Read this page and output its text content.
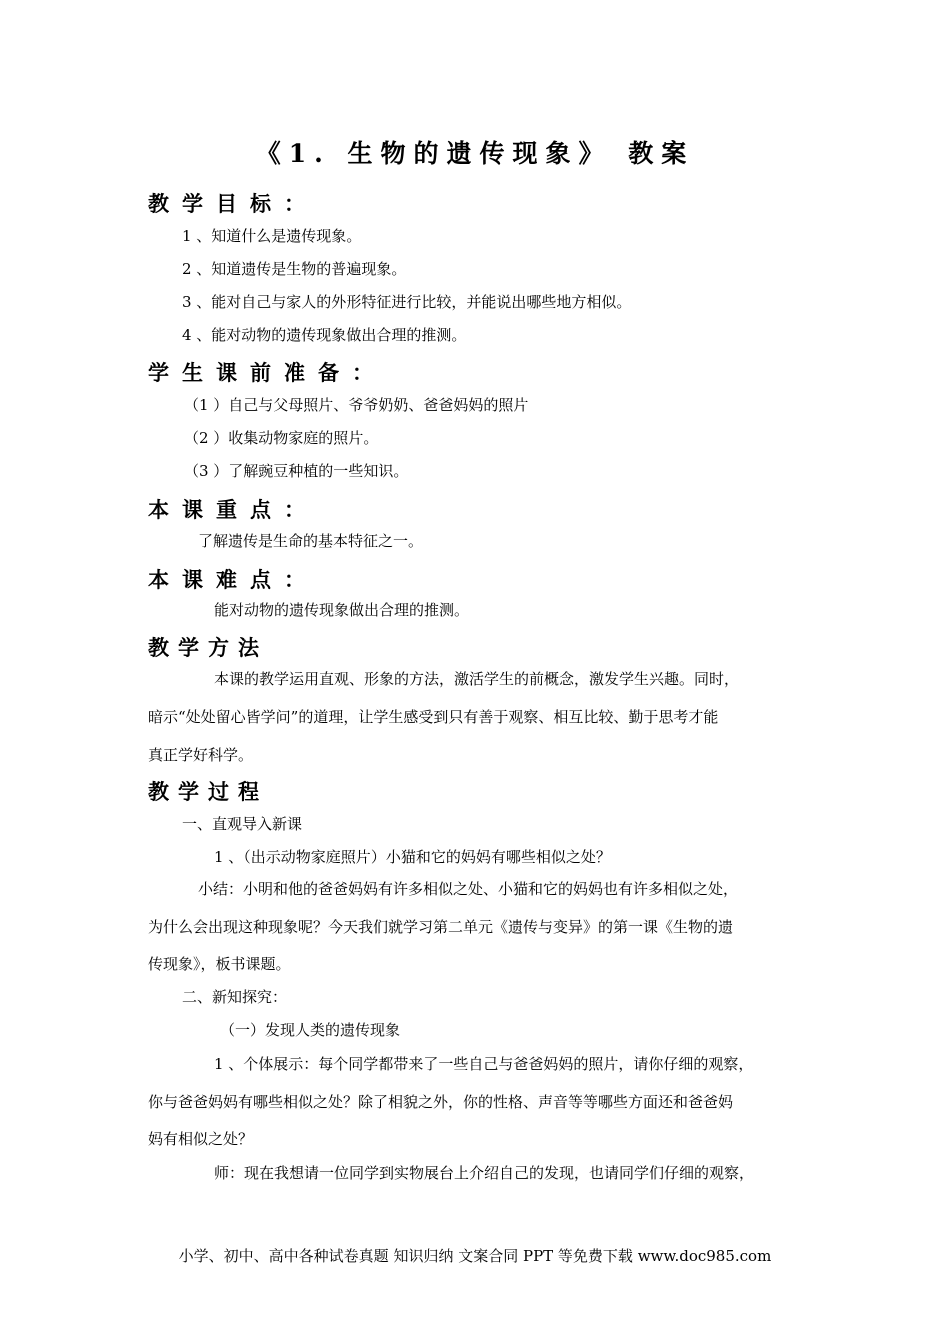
《1. 生物的遗传现象》 教案
教学目标：
1 、知道什么是遗传现象。
2 、知道遗传是生物的普遍现象。
3 、能对自己与家人的外形特征进行比较，并能说出哪些地方相似。
4 、能对动物的遗传现象做出合理的推测。
学生课前准备：
（1 ）自己与父母照片、爷爷奶奶、爸爸妈妈的照片
（2 ）收集动物家庭的照片。
（3 ）了解豌豆种植的一些知识。
本课重点：
了解遗传是生命的基本特征之一。
本课难点：
能对动物的遗传现象做出合理的推测。
教学方法
本课的教学运用直观、形象的方法，激活学生的前概念，激发学生兴趣。同时，
暗示“处处留心皆学问”的道理，让学生感受到只有善于观察、相互比较、勤于思考才能
真正学好科学。
教学过程
一、直观导入新课
1 、（出示动物家庭照片）小猫和它的妈妈有哪些相似之处？
小结：小明和他的爸爸妈妈有许多相似之处、小猫和它的妈妈也有许多相似之处，
为什么会出现这种现象呢？今天我们就学习第二单元《遗传与变异》的第一课《生物的遗
传现象》，板书课题。
二、新知探究：
（一）发现人类的遗传现象
1 、个体展示：每个同学都带来了一些自己与爸爸妈妈的照片，请你仔细的观察，
你与爸爸妈妈有哪些相似之处？除了相貌之外，你的性格、声音等等哪些方面还和爸爸妈
妈有相似之处？
师：现在我想请一位同学到实物展台上介绍自己的发现，也请同学们仔细的观察，
小学、初中、高中各种试卷真题 知识归纳 文案合同 PPT 等免费下载 www.doc985.com
